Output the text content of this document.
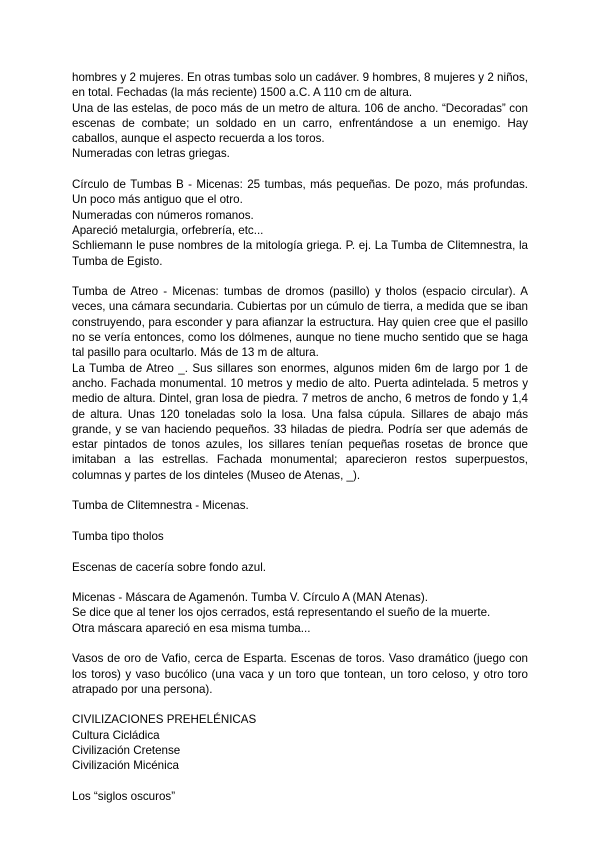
hombres y 2 mujeres. En otras tumbas solo un cadáver. 9 hombres, 8 mujeres y 2 niños, en total. Fechadas (la más reciente) 1500 a.C. A 110 cm de altura.

Una de las estelas, de poco más de un metro de altura. 106 de ancho. “Decoradas” con escenas de combate; un soldado en un carro, enfrentándose a un enemigo. Hay caballos, aunque el aspecto recuerda a los toros.

Numeradas con letras griegas.

Círculo de Tumbas B - Micenas: 25 tumbas, más pequeñas. De pozo, más profundas. Un poco más antiguo que el otro.

Numeradas con números romanos.

Apareció metalurgia, orfebrería, etc...

Schliemann le puse nombres de la mitología griega. P. ej. La Tumba de Clitemnestra, la Tumba de Egisto.

Tumba de Atreo - Micenas: tumbas de dromos (pasillo) y tholos (espacio circular). A veces, una cámara secundaria. Cubiertas por un cúmulo de tierra, a medida que se iban construyendo, para esconder y para afianzar la estructura. Hay quien cree que el pasillo no se vería entonces, como los dólmenes, aunque no tiene mucho sentido que se haga tal pasillo para ocultarlo. Más de 13 m de altura.

La Tumba de Atreo _. Sus sillares son enormes, algunos miden 6m de largo por 1 de ancho. Fachada monumental. 10 metros y medio de alto. Puerta adintelada. 5 metros y medio de altura. Dintel, gran losa de piedra. 7 metros de ancho, 6 metros de fondo y 1,4 de altura. Unas 120 toneladas solo la losa. Una falsa cúpula. Sillares de abajo más grande, y se van haciendo pequeños. 33 hiladas de piedra. Podría ser que además de estar pintados de tonos azules, los sillares tenían pequeñas rosetas de bronce que imitaban a las estrellas. Fachada monumental; aparecieron restos superpuestos, columnas y partes de los dinteles (Museo de Atenas, _).

Tumba de Clitemnestra - Micenas.

Tumba tipo tholos

Escenas de cacería sobre fondo azul.

Micenas - Máscara de Agamenón. Tumba V. Círculo A (MAN Atenas).

Se dice que al tener los ojos cerrados, está representando el sueño de la muerte.

Otra máscara apareció en esa misma tumba...

Vasos de oro de Vafio, cerca de Esparta. Escenas de toros. Vaso dramático (juego con los toros) y vaso bucólico (una vaca y un toro que tontean, un toro celoso, y otro toro atrapado por una persona).

CIVILIZACIONES PREHELÉNICAS

Cultura Cicládica

Civilización Cretense

Civilización Micénica

Los “siglos oscuros”
